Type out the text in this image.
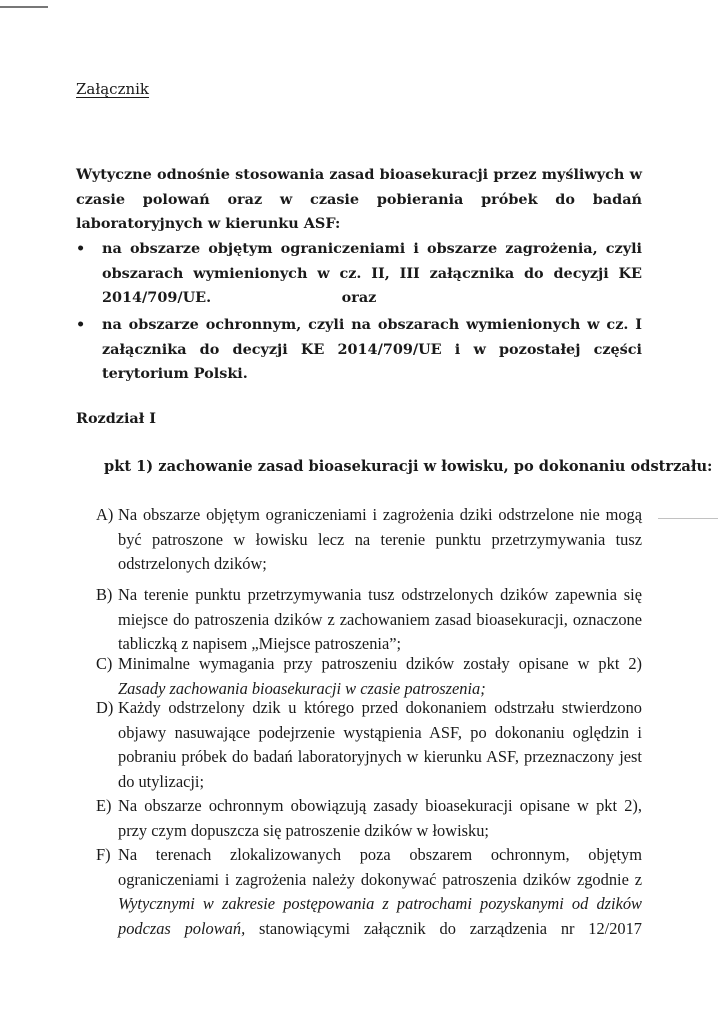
Załącznik
Wytyczne odnośnie stosowania zasad bioasekuracji przez myśliwych w czasie polowań oraz w czasie pobierania próbek do badań laboratoryjnych w kierunku ASF:
•	na obszarze objętym ograniczeniami i obszarze zagrożenia, czyli obszarach wymienionych w cz. II, III załącznika do decyzji KE 2014/709/UE.	oraz
•	na obszarze ochronnym, czyli na obszarach wymienionych w cz. I załącznika do decyzji KE 2014/709/UE i w pozostałej części terytorium Polski.
Rozdział I
pkt 1) zachowanie zasad bioasekuracji w łowisku, po dokonaniu odstrzału:
A) Na obszarze objętym ograniczeniami i zagrożenia dziki odstrzelone nie mogą być patroszone w łowisku lecz na terenie punktu przetrzymywania tusz odstrzelonych dzików;
B) Na terenie punktu przetrzymywania tusz odstrzelonych dzików zapewnia się miejsce do patroszenia dzików z zachowaniem zasad bioasekuracji, oznaczone tabliczką z napisem „Miejsce patroszenia”;
C) Minimalne wymagania przy patroszeniu dzików zostały opisane w pkt 2) Zasady zachowania bioasekuracji w czasie patroszenia;
D) Każdy odstrzelony dzik u którego przed dokonaniem odstrzału stwierdzono objawy nasuwające podejrzenie wystąpienia ASF, po dokonaniu oględzin i pobraniu próbek do badań laboratoryjnych w kierunku ASF, przeznaczony jest do utylizacji;
E) Na obszarze ochronnym obowiązują zasady bioasekuracji opisane w pkt 2), przy czym dopuszcza się patroszenie dzików w łowisku;
F) Na terenach zlokalizowanych poza obszarem ochronnym, objętym ograniczeniami i zagrożenia należy dokonywać patroszenia dzików zgodnie z Wytycznymi w zakresie postępowania z patrochami pozyskanymi od dzików podczas polowań, stanowiącymi załącznik do zarządzenia nr 12/2017
